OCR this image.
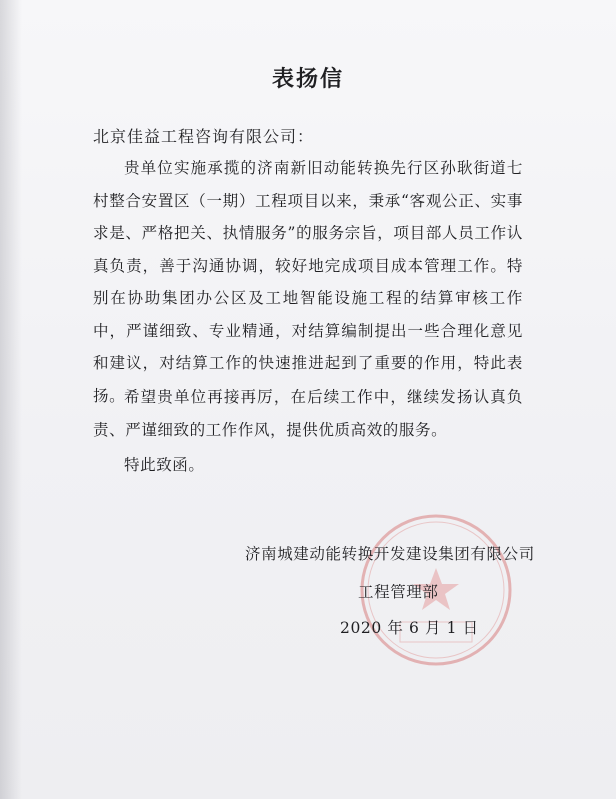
表扬信
北京佳益工程咨询有限公司：

贵单位实施承揽的济南新旧动能转换先行区孙耿街道七村整合安置区（一期）工程项目以来，秉承“客观公正、实事求是、严格把关、执情服务”的服务宗旨，项目部人员工作认真负责，善于沟通协调，较好地完成项目成本管理工作。特别在协助集团办公区及工地智能设施工程的结算审核工作中，严谨细致、专业精通，对结算编制提出一些合理化意见和建议，对结算工作的快速推进起到了重要的作用，特此表扬。

希望贵单位再接再厉，在后续工作中，继续发扬认真负责、严谨细致的工作作风，提供优质高效的服务。

特此致函。

济南城建动能转换开发建设集团有限公司
工程管理部
2020 年 6 月 1 日
